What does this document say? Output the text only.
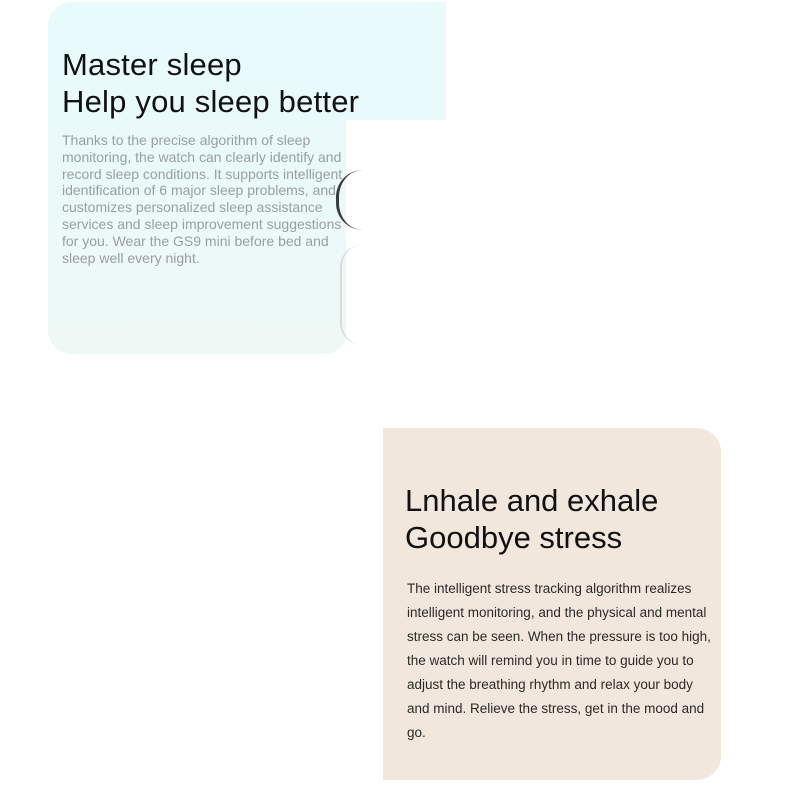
Master sleep
Help you sleep better
Thanks to the precise algorithm of sleep monitoring, the watch can clearly identify and record sleep conditions. It supports intelligent identification of 6 major sleep problems, and customizes personalized sleep assistance services and sleep improvement suggestions for you. Wear the GS9 mini before bed and sleep well every night.
Lnhale and exhale
Goodbye stress
The intelligent stress tracking algorithm realizes intelligent monitoring, and the physical and mental stress can be seen. When the pressure is too high, the watch will remind you in time to guide you to adjust the breathing rhythm and relax your body and mind. Relieve the stress, get in the mood and go.
